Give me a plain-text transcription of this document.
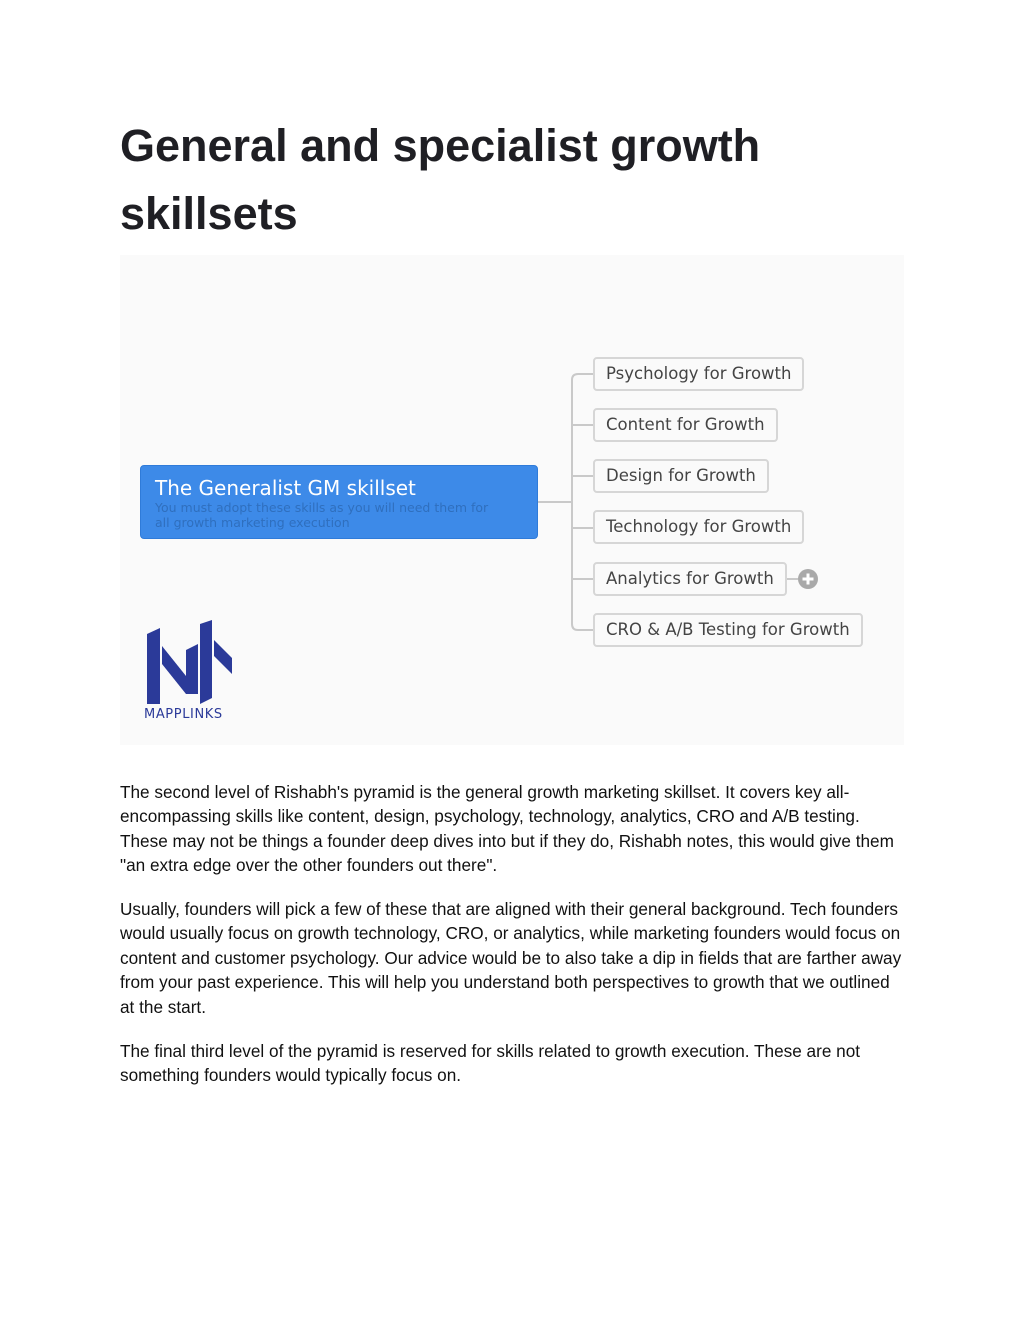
General and specialist growth skillsets
The Generalist GM skillset
You must adopt these skills as you will need them for
all growth marketing execution
Psychology for Growth
Content for Growth
Design for Growth
Technology for Growth
Analytics for Growth
CRO & A/B Testing for Growth
MAPPLINKS

The second level of Rishabh's pyramid is the general growth marketing skillset. It covers key all-encompassing skills like content, design, psychology, technology, analytics, CRO and A/B testing. These may not be things a founder deep dives into but if they do, Rishabh notes, this would give them "an extra edge over the other founders out there".

Usually, founders will pick a few of these that are aligned with their general background. Tech founders would usually focus on growth technology, CRO, or analytics, while marketing founders would focus on content and customer psychology. Our advice would be to also take a dip in fields that are farther away from your past experience. This will help you understand both perspectives to growth that we outlined at the start.

The final third level of the pyramid is reserved for skills related to growth execution. These are not something founders would typically focus on.
